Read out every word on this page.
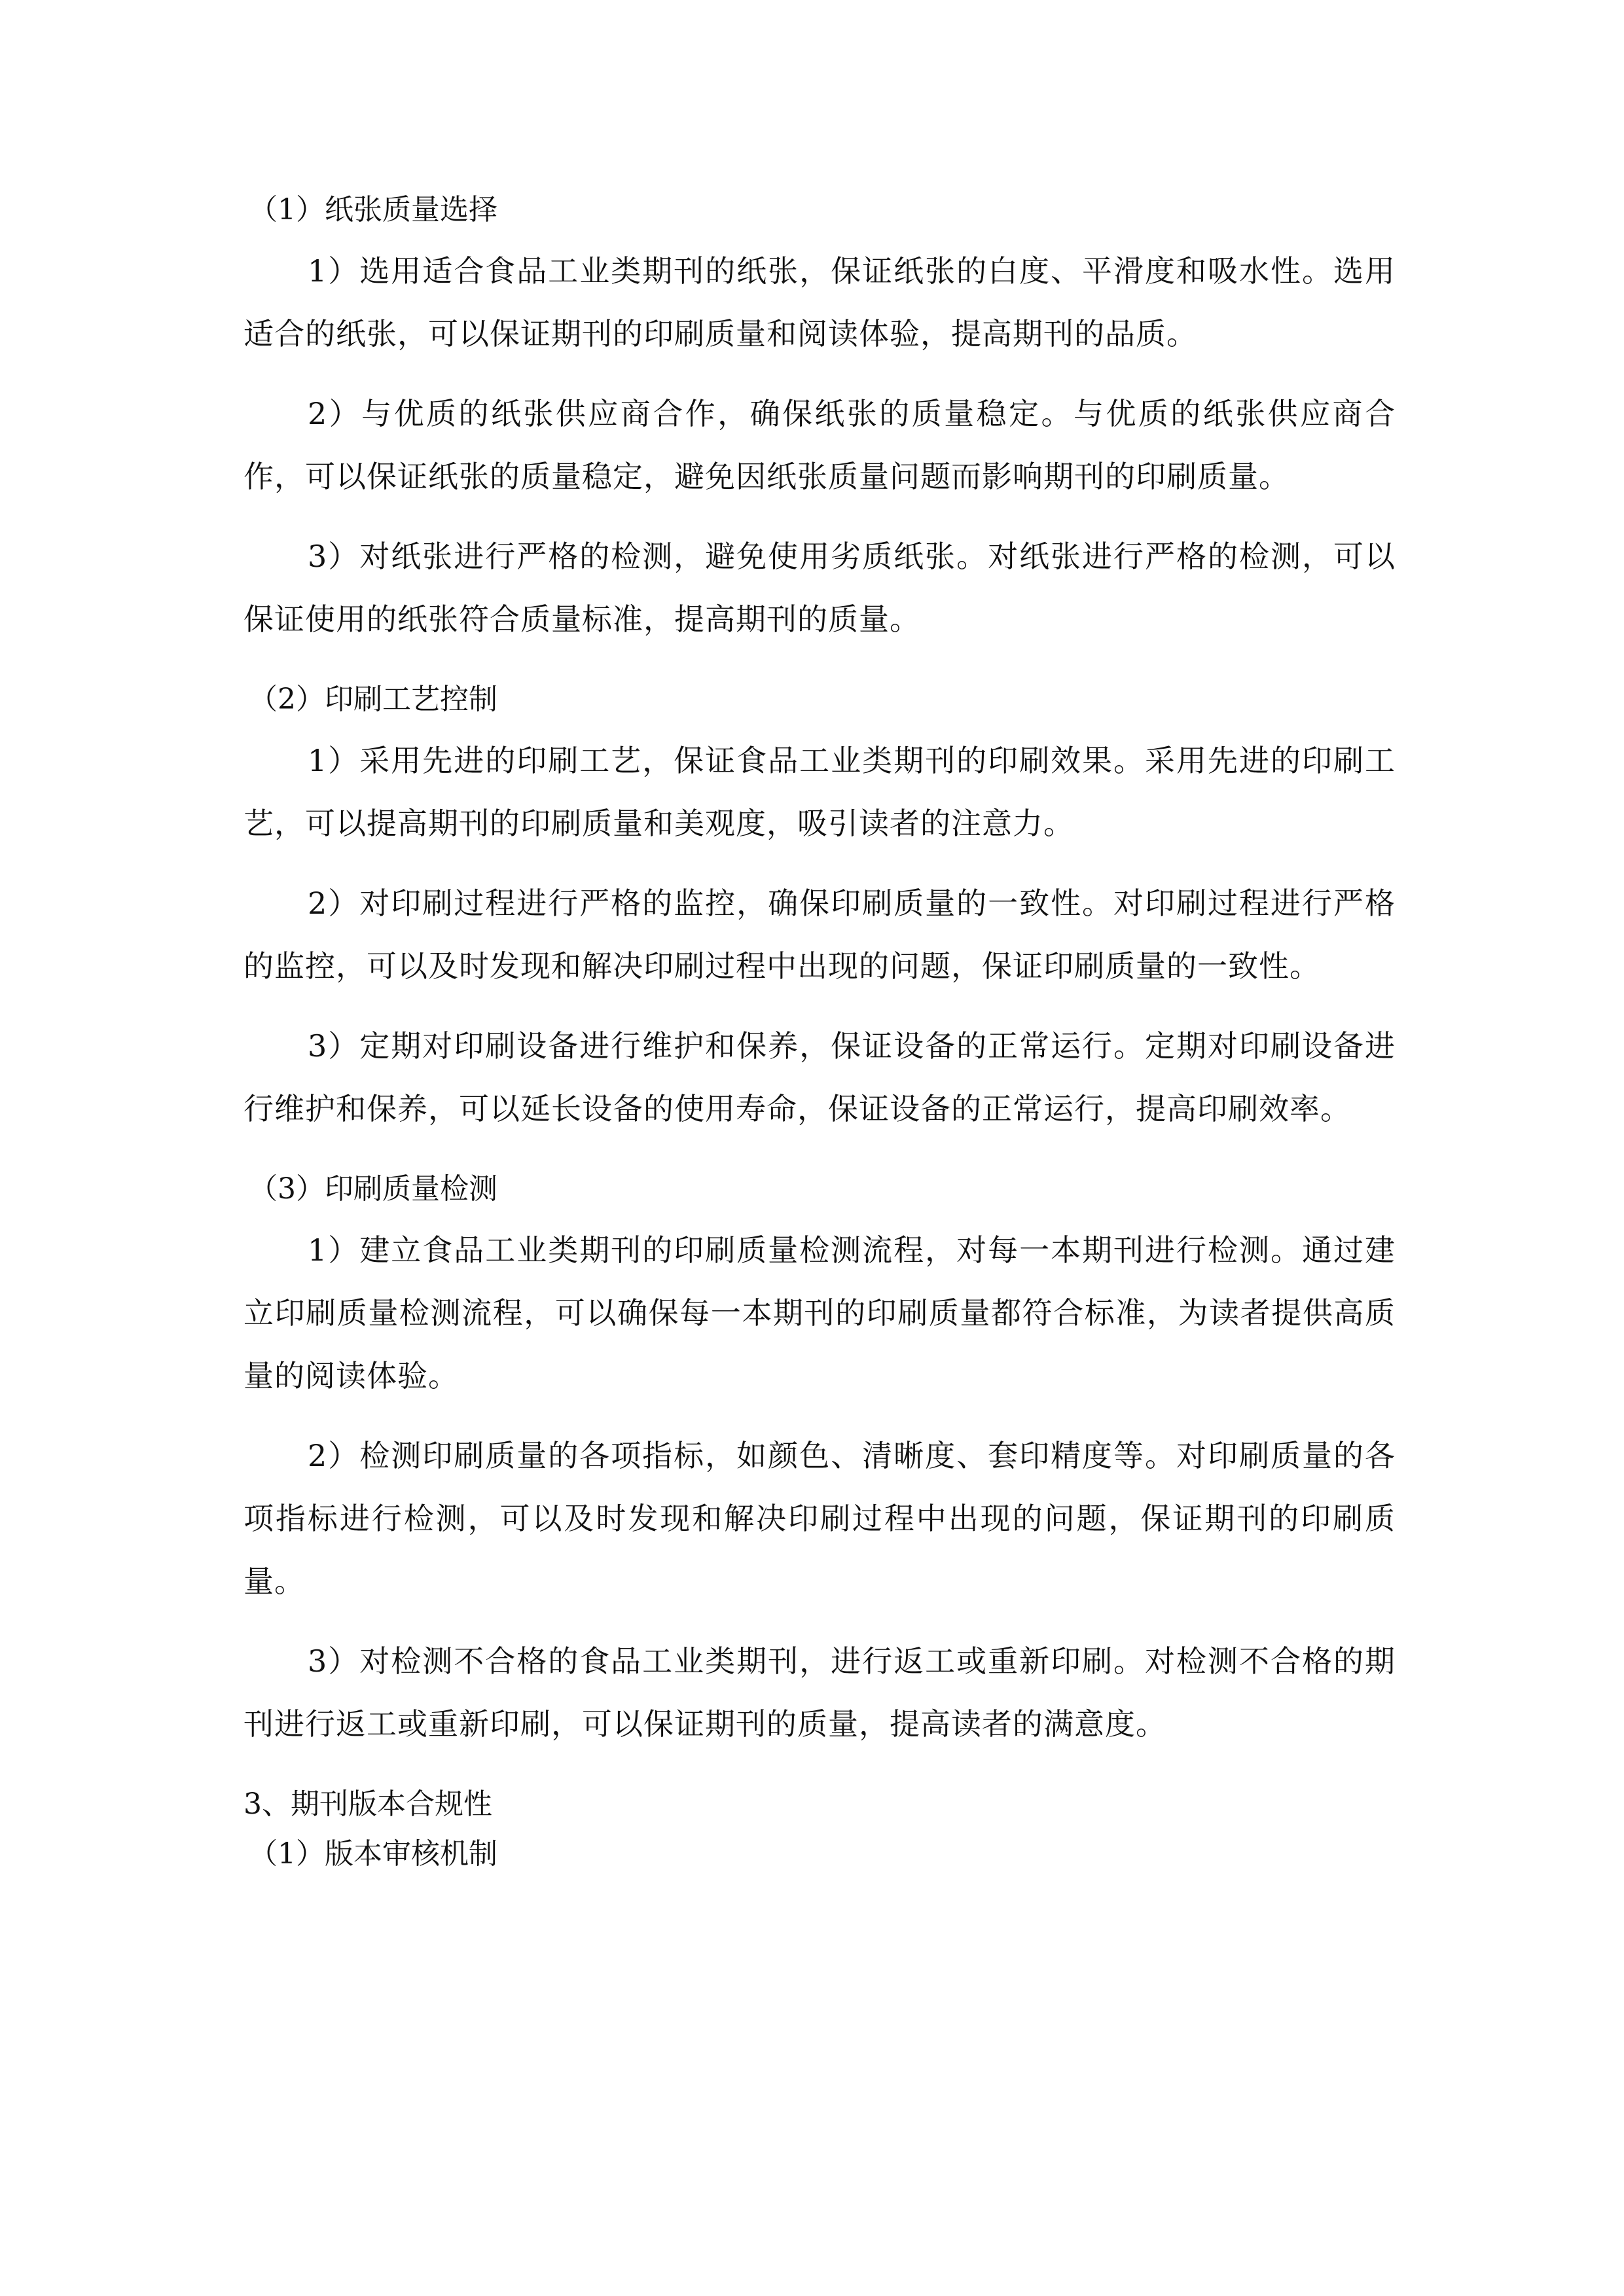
（1）纸张质量选择

1）选用适合食品工业类期刊的纸张，保证纸张的白度、平滑度和吸水性。选用适合的纸张，可以保证期刊的印刷质量和阅读体验，提高期刊的品质。

2）与优质的纸张供应商合作，确保纸张的质量稳定。与优质的纸张供应商合作，可以保证纸张的质量稳定，避免因纸张质量问题而影响期刊的印刷质量。

3）对纸张进行严格的检测，避免使用劣质纸张。对纸张进行严格的检测，可以保证使用的纸张符合质量标准，提高期刊的质量。

（2）印刷工艺控制

1）采用先进的印刷工艺，保证食品工业类期刊的印刷效果。采用先进的印刷工艺，可以提高期刊的印刷质量和美观度，吸引读者的注意力。

2）对印刷过程进行严格的监控，确保印刷质量的一致性。对印刷过程进行严格的监控，可以及时发现和解决印刷过程中出现的问题，保证印刷质量的一致性。

3）定期对印刷设备进行维护和保养，保证设备的正常运行。定期对印刷设备进行维护和保养，可以延长设备的使用寿命，保证设备的正常运行，提高印刷效率。

（3）印刷质量检测

1）建立食品工业类期刊的印刷质量检测流程，对每一本期刊进行检测。通过建立印刷质量检测流程，可以确保每一本期刊的印刷质量都符合标准，为读者提供高质量的阅读体验。

2）检测印刷质量的各项指标，如颜色、清晰度、套印精度等。对印刷质量的各项指标进行检测，可以及时发现和解决印刷过程中出现的问题，保证期刊的印刷质量。

3）对检测不合格的食品工业类期刊，进行返工或重新印刷。对检测不合格的期刊进行返工或重新印刷，可以保证期刊的质量，提高读者的满意度。

3、期刊版本合规性

（1）版本审核机制
